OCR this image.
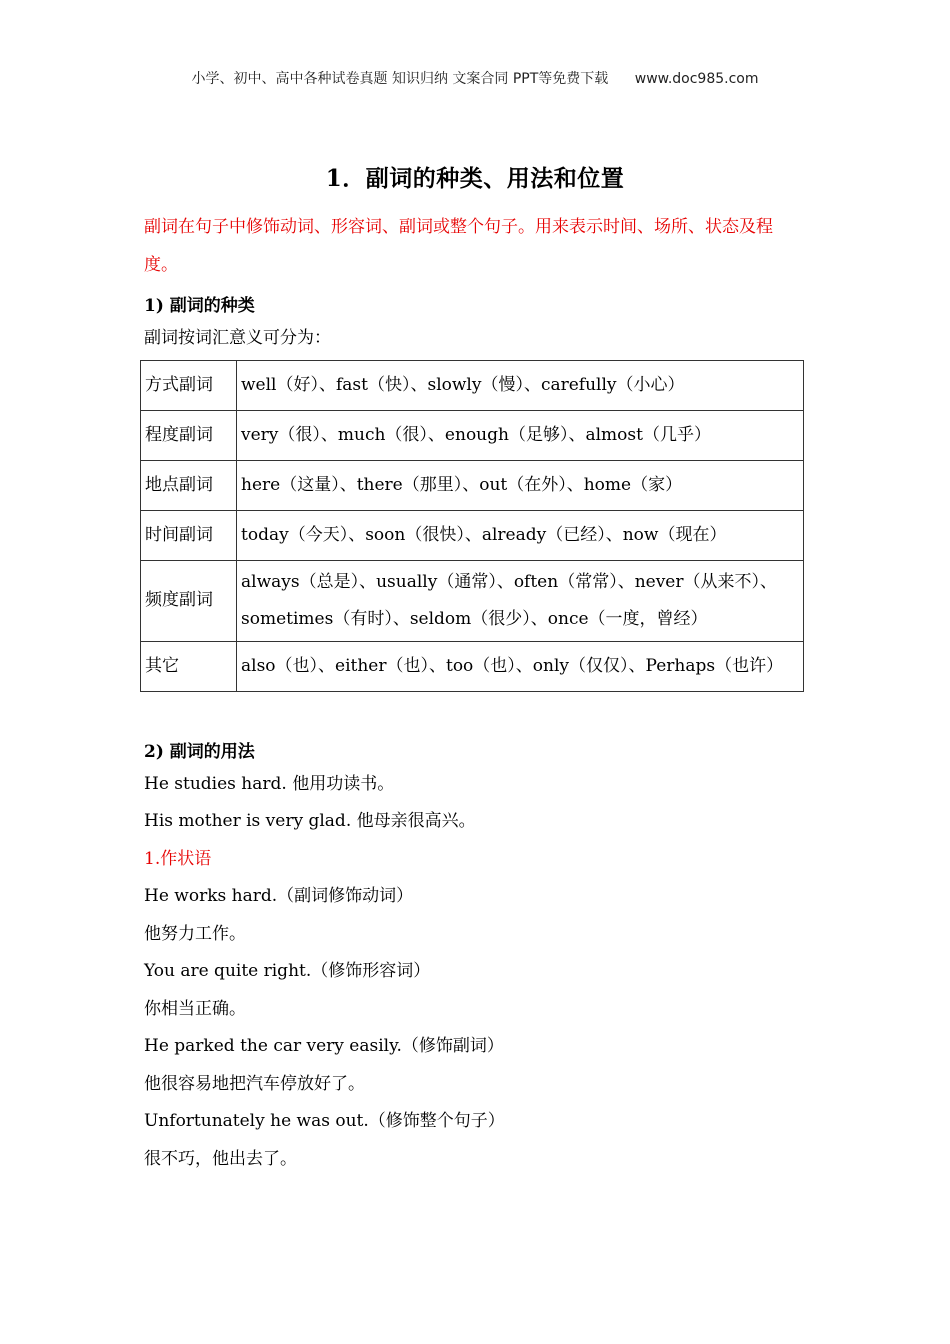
小学、初中、高中各种试卷真题 知识归纳 文案合同 PPT等免费下载 www.doc985.com
1．副词的种类、用法和位置

副词在句子中修饰动词、形容词、副词或整个句子。用来表示时间、场所、状态及程度。

1) 副词的种类

副词按词汇意义可分为：

方式副词	well（好）、fast（快）、slowly（慢）、carefully（小心）
程度副词	very（很）、much（很）、enough（足够）、almost（几乎）
地点副词	here（这量）、there（那里）、out（在外）、home（家）
时间副词	today（今天）、soon（很快）、already（已经）、now（现在）
频度副词	always（总是）、usually（通常）、often（常常）、never（从来不）、sometimes（有时）、seldom（很少）、once（一度，曾经）
其它	also（也）、either（也）、too（也）、only（仅仅）、Perhaps（也许）

2) 副词的用法

He studies hard. 他用功读书。

His mother is very glad. 他母亲很高兴。

1.作状语

He works hard.（副词修饰动词）

他努力工作。

You are quite right.（修饰形容词）

你相当正确。

He parked the car very easily.（修饰副词）

他很容易地把汽车停放好了。

Unfortunately he was out.（修饰整个句子）

很不巧，他出去了。
